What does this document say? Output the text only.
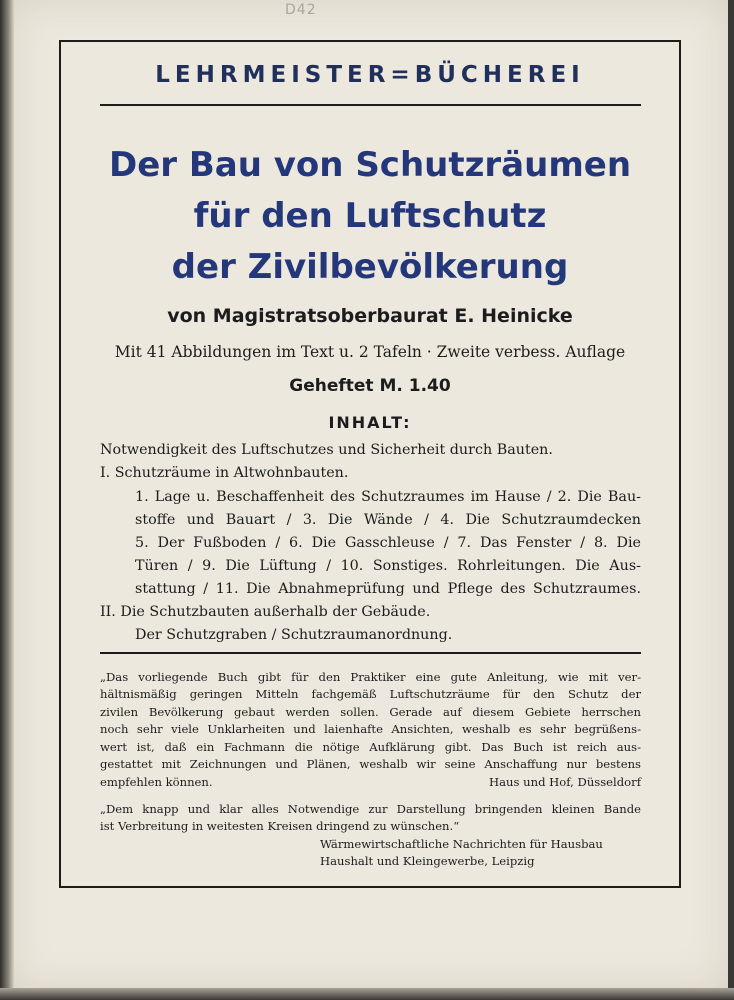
D42
LEHRMEISTER=BÜCHEREI
Der Bau von Schutzräumen
für den Luftschutz
der Zivilbevölkerung
von Magistratsoberbaurat E. Heinicke
Mit 41 Abbildungen im Text u. 2 Tafeln · Zweite verbess. Auflage
Geheftet M. 1.40
INHALT:
Notwendigkeit des Luftschutzes und Sicherheit durch Bauten.
I. Schutzräume in Altwohnbauten.
1. Lage u. Beschaffenheit des Schutzraumes im Hause / 2. Die Bau-
stoffe und Bauart / 3. Die Wände / 4. Die Schutzraumdecken
5. Der Fußboden / 6. Die Gasschleuse / 7. Das Fenster / 8. Die
Türen / 9. Die Lüftung / 10. Sonstiges. Rohrleitungen. Die Aus-
stattung / 11. Die Abnahmeprüfung und Pflege des Schutzraumes.
II. Die Schutzbauten außerhalb der Gebäude.
Der Schutzgraben / Schutzraumanordnung.
„Das vorliegende Buch gibt für den Praktiker eine gute Anleitung, wie mit ver-
hältnismäßig geringen Mitteln fachgemäß Luftschutzräume für den Schutz der
zivilen Bevölkerung gebaut werden sollen. Gerade auf diesem Gebiete herrschen
noch sehr viele Unklarheiten und laienhafte Ansichten, weshalb es sehr begrüßens-
wert ist, daß ein Fachmann die nötige Aufklärung gibt. Das Buch ist reich aus-
gestattet mit Zeichnungen und Plänen, weshalb wir seine Anschaffung nur bestens
empfehlen können.	Haus und Hof, Düsseldorf
„Dem knapp und klar alles Notwendige zur Darstellung bringenden kleinen Bande
ist Verbreitung in weitesten Kreisen dringend zu wünschen.“
Wärmewirtschaftliche Nachrichten für Hausbau
Haushalt und Kleingewerbe, Leipzig
